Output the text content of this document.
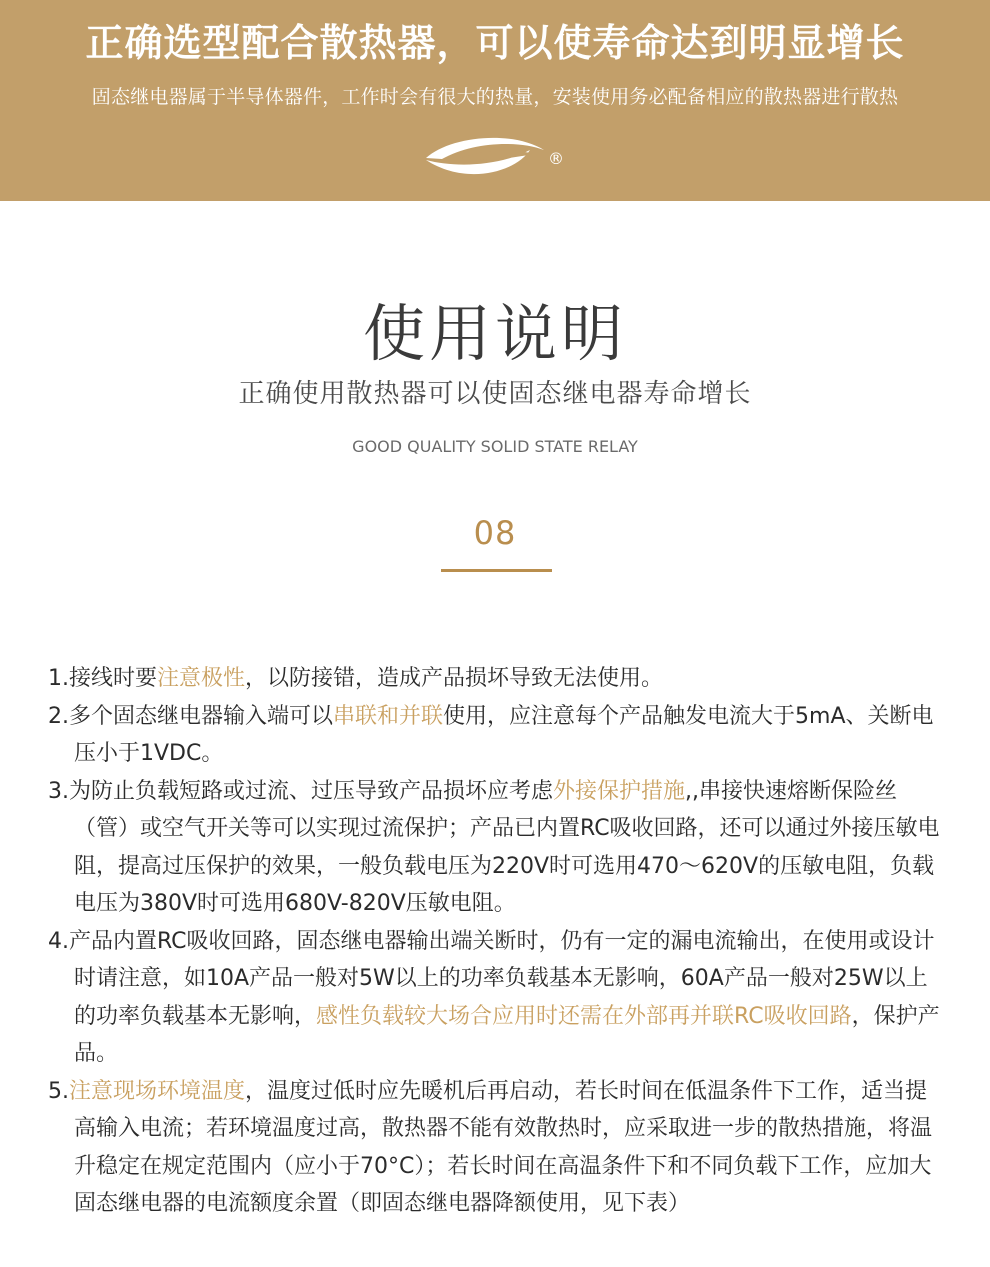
正确选型配合散热器，可以使寿命达到明显增长
固态继电器属于半导体器件，工作时会有很大的热量，安装使用务必配备相应的散热器进行散热
®
使用说明
正确使用散热器可以使固态继电器寿命增长
GOOD QUALITY SOLID STATE RELAY
08

1.接线时要注意极性，以防接错，造成产品损坏导致无法使用。

2.多个固态继电器输入端可以串联和并联使用，应注意每个产品触发电流大于5mA、关断电压小于1VDC。

3.为防止负载短路或过流、过压导致产品损坏应考虑外接保护措施,,串接快速熔断保险丝（管）或空气开关等可以实现过流保护；产品已内置RC吸收回路，还可以通过外接压敏电阻，提高过压保护的效果，一般负载电压为220V时可选用470～620V的压敏电阻，负载电压为380V时可选用680V-820V压敏电阻。

4.产品内置RC吸收回路，固态继电器输出端关断时，仍有一定的漏电流输出，在使用或设计时请注意，如10A产品一般对5W以上的功率负载基本无影响，60A产品一般对25W以上的功率负载基本无影响，感性负载较大场合应用时还需在外部再并联RC吸收回路，保护产品。

5.注意现场环境温度，温度过低时应先暖机后再启动，若长时间在低温条件下工作，适当提高输入电流；若环境温度过高，散热器不能有效散热时，应采取进一步的散热措施，将温升稳定在规定范围内（应小于70°C）；若长时间在高温条件下和不同负载下工作，应加大固态继电器的电流额度余置（即固态继电器降额使用，见下表）
